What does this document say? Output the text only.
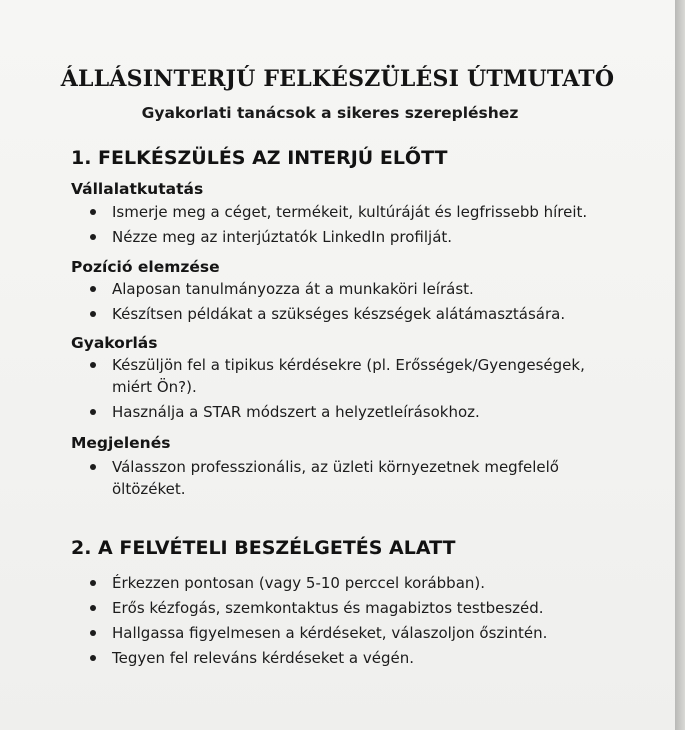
ÁLLÁSINTERJÚ FELKÉSZÜLÉSI ÚTMUTATÓ
Gyakorlati tanácsok a sikeres szerepléshez
1. FELKÉSZÜLÉS AZ INTERJÚ ELŐTT
Vállalatkutatás
Ismerje meg a céget, termékeit, kultúráját és legfrissebb híreit.
Nézze meg az interjúztatók LinkedIn profilját.
Pozíció elemzése
Alaposan tanulmányozza át a munkaköri leírást.
Készítsen példákat a szükséges készségek alátámasztására.
Gyakorlás
Készüljön fel a tipikus kérdésekre (pl. Erősségek/Gyengeségek, miért Ön?).
Használja a STAR módszert a helyzetleírásokhoz.
Megjelenés
Válasszon professzionális, az üzleti környezetnek megfelelő öltözéket.
2. A FELVÉTELI BESZÉLGETÉS ALATT
Érkezzen pontosan (vagy 5-10 perccel korábban).
Erős kézfogás, szemkontaktus és magabiztos testbeszéd.
Hallgassa figyelmesen a kérdéseket, válaszoljon őszintén.
Tegyen fel releváns kérdéseket a végén.
